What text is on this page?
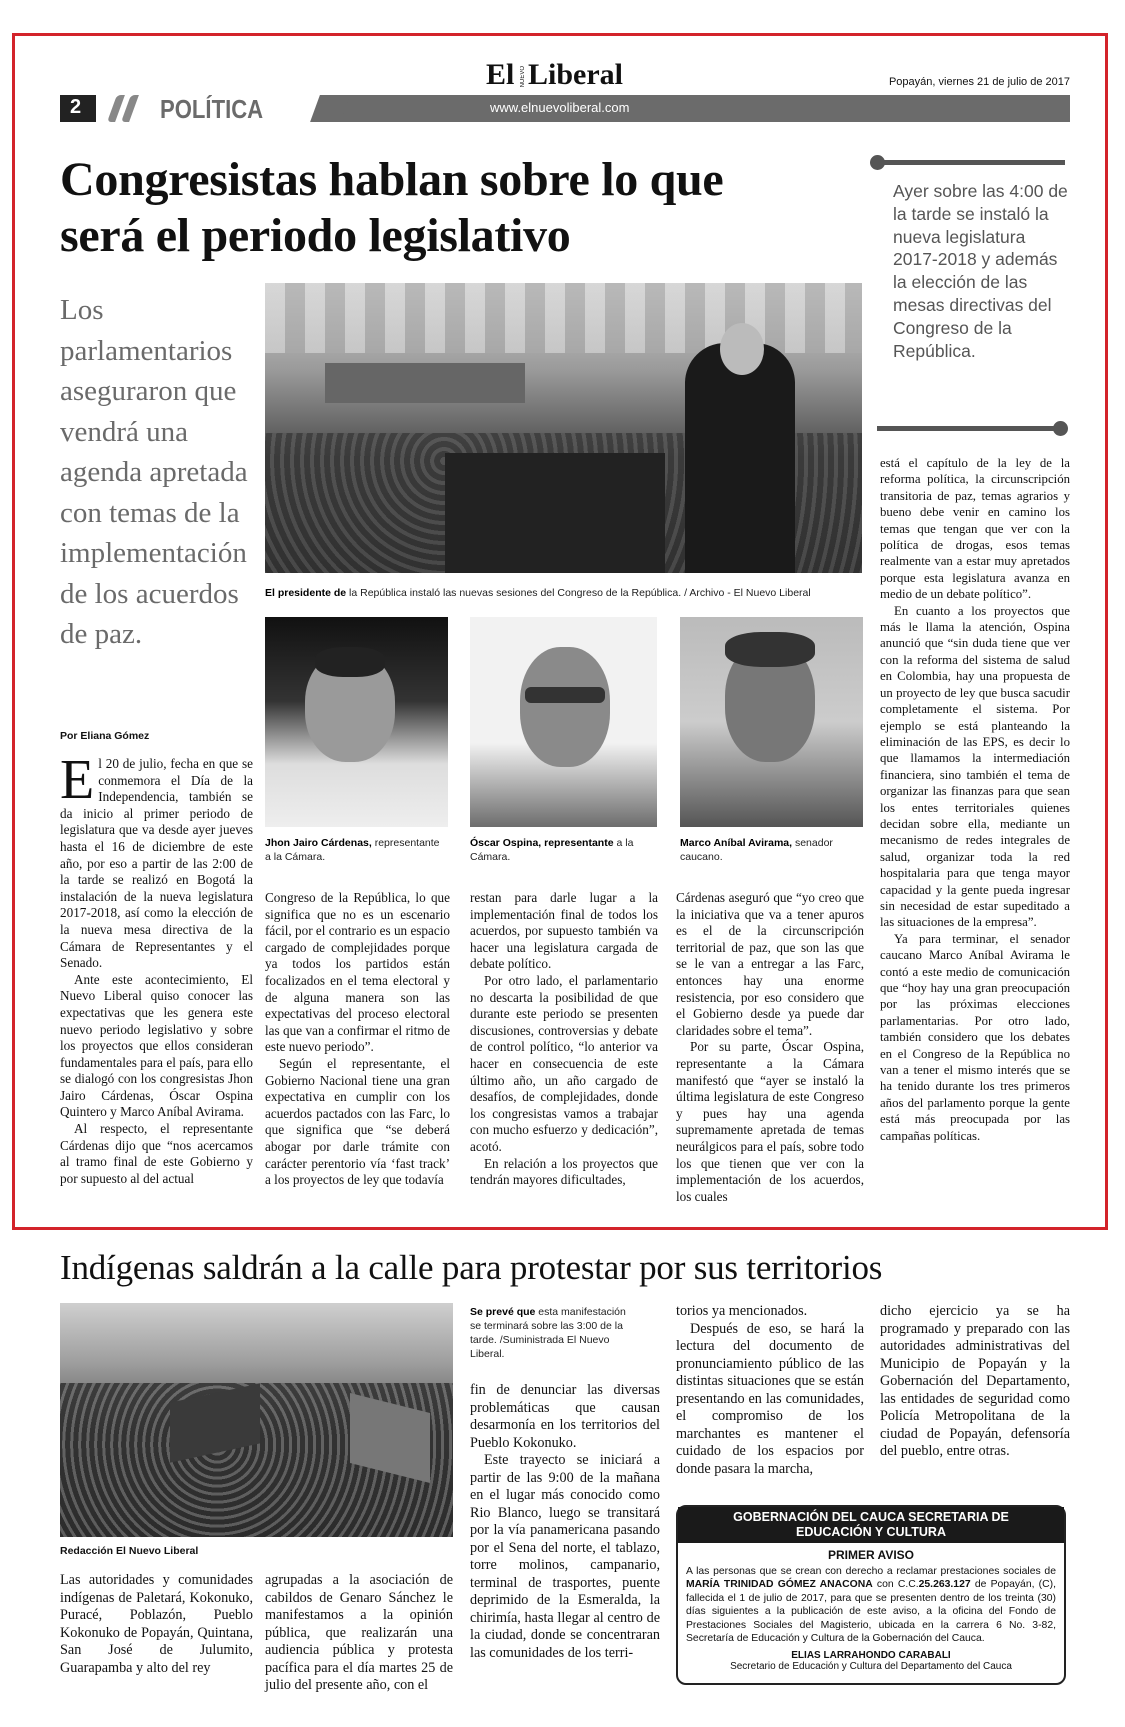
El NUEVO Liberal	Popayán, viernes 21 de julio de 2017
www.elnuevoliberal.com
2	POLÍTICA
Congresistas hablan sobre lo que será el periodo legislativo
Ayer sobre las 4:00 de la tarde se instaló la nueva legislatura 2017-2018 y además la elección de las mesas directivas del Congreso de la República.
Los parlamentarios aseguraron que vendrá una agenda apretada con temas de la implementación de los acuerdos de paz.
El presidente de la República instaló las nuevas sesiones del Congreso de la República. / Archivo - El Nuevo Liberal
Jhon Jairo Cárdenas, representante a la Cámara.
Óscar Ospina, representante a la Cámara.
Marco Aníbal Avirama, senador caucano.
Por Eliana Gómez
E l 20 de julio, fecha en que se conmemora el Día de la Independencia, también se da inicio al primer periodo de legislatura que va desde ayer jueves hasta el 16 de diciembre de este año, por eso a partir de las 2:00 de la tarde se realizó en Bogotá la instalación de la nueva legislatura 2017-2018, así como la elección de la nueva mesa directiva de la Cámara de Representantes y el Senado.

Ante este acontecimiento, El Nuevo Liberal quiso conocer las expectativas que les genera este nuevo periodo legislativo y sobre los proyectos que ellos consideran fundamentales para el país, para ello se dialogó con los congresistas Jhon Jairo Cárdenas, Óscar Ospina Quintero y Marco Aníbal Avirama.

Al respecto, el representante Cárdenas dijo que “nos acercamos al tramo final de este Gobierno y por supuesto al del actual

Congreso de la República, lo que significa que no es un escenario fácil, por el contrario es un espacio cargado de complejidades porque ya todos los partidos están focalizados en el tema electoral y de alguna manera son las expectativas del proceso electoral las que van a confirmar el ritmo de este nuevo periodo”.

Según el representante, el Gobierno Nacional tiene una gran expectativa en cumplir con los acuerdos pactados con las Farc, lo que significa que “se deberá abogar por darle trámite con carácter perentorio vía ‘fast track’ a los proyectos de ley que todavía

restan para darle lugar a la implementación final de todos los acuerdos, por supuesto también va hacer una legislatura cargada de debate político.

Por otro lado, el parlamentario no descarta la posibilidad de que durante este periodo se presenten discusiones, controversias y debate de control político, “lo anterior va hacer en consecuencia de este último año, un año cargado de desafíos, de complejidades, donde los congresistas vamos a trabajar con mucho esfuerzo y dedicación”, acotó.

En relación a los proyectos que tendrán mayores dificultades,

Cárdenas aseguró que “yo creo que la iniciativa que va a tener apuros es el de la circunscripción territorial de paz, que son las que se le van a entregar a las Farc, entonces hay una enorme resistencia, por eso considero que el Gobierno desde ya puede dar claridades sobre el tema”.

Por su parte, Óscar Ospina, representante a la Cámara manifestó que “ayer se instaló la última legislatura de este Congreso y pues hay una agenda supremamente apretada de temas neurálgicos para el país, sobre todo los que tienen que ver con la implementación de los acuerdos, los cuales

está el capítulo de la ley de la reforma política, la circunscripción transitoria de paz, temas agrarios y bueno debe venir en camino los temas que tengan que ver con la política de drogas, esos temas realmente van a estar muy apretados porque esta legislatura avanza en medio de un debate político”.

En cuanto a los proyectos que más le llama la atención, Ospina anunció que “sin duda tiene que ver con la reforma del sistema de salud en Colombia, hay una propuesta de un proyecto de ley que busca sacudir completamente el sistema. Por ejemplo se está planteando la eliminación de las EPS, es decir lo que llamamos la intermediación financiera, sino también el tema de organizar las finanzas para que sean los entes territoriales quienes decidan sobre ella, mediante un mecanismo de redes integrales de salud, organizar toda la red hospitalaria para que tenga mayor capacidad y la gente pueda ingresar sin necesidad de estar supeditado a las situaciones de la empresa”.

Ya para terminar, el senador caucano Marco Aníbal Avirama le contó a este medio de comunicación que “hoy hay una gran preocupación por las próximas elecciones parlamentarias. Por otro lado, también considero que los debates en el Congreso de la República no van a tener el mismo interés que se ha tenido durante los tres primeros años del parlamento porque la gente está más preocupada por las campañas políticas.

Indígenas saldrán a la calle para protestar por sus territorios
Se prevé que esta manifestación se terminará sobre las 3:00 de la tarde. /Suministrada El Nuevo Liberal.
Redacción El Nuevo Liberal

Las autoridades y comunidades indígenas de Paletará, Kokonuko, Puracé, Poblazón, Pueblo Kokonuko de Popayán, Quintana, San José de Julumito, Guarapamba y alto del rey

agrupadas a la asociación de cabildos de Genaro Sánchez le manifestamos a la opinión pública, que realizarán una audiencia pública y protesta pacífica para el día martes 25 de julio del presente año, con el

fin de denunciar las diversas problemáticas que causan desarmonía en los territorios del Pueblo Kokonuko.

Este trayecto se iniciará a partir de las 9:00 de la mañana en el lugar más conocido como Rio Blanco, luego se transitará por la vía panamericana pasando por el Sena del norte, el tablazo, torre molinos, campanario, terminal de trasportes, puente deprimido de la Esmeralda, la chirimía, hasta llegar al centro de la ciudad, donde se concentraran las comunidades de los terri-

torios ya mencionados.

Después de eso, se hará la lectura del documento de pronunciamiento público de las distintas situaciones que se están presentando en las comunidades, el compromiso de los marchantes es mantener el cuidado de los espacios por donde pasara la marcha,

dicho ejercicio ya se ha programado y preparado con las autoridades administrativas del Municipio de Popayán y la Gobernación del Departamento, las entidades de seguridad como Policía Metropolitana de la ciudad de Popayán, defensoría del pueblo, entre otras.

GOBERNACIÓN DEL CAUCA SECRETARIA DE EDUCACIÓN Y CULTURA
PRIMER AVISO
A las personas que se crean con derecho a reclamar prestaciones sociales de MARÍA TRINIDAD GÓMEZ ANACONA con C.C.25.263.127 de Popayán, (C), fallecida el 1 de julio de 2017, para que se presenten dentro de los treinta (30) días siguientes a la publicación de este aviso, a la oficina del Fondo de Prestaciones Sociales del Magisterio, ubicada en la carrera 6 No. 3-82, Secretaría de Educación y Cultura de la Gobernación del Cauca.
ELIAS LARRAHONDO CARABALI
Secretario de Educación y Cultura del Departamento del Cauca
